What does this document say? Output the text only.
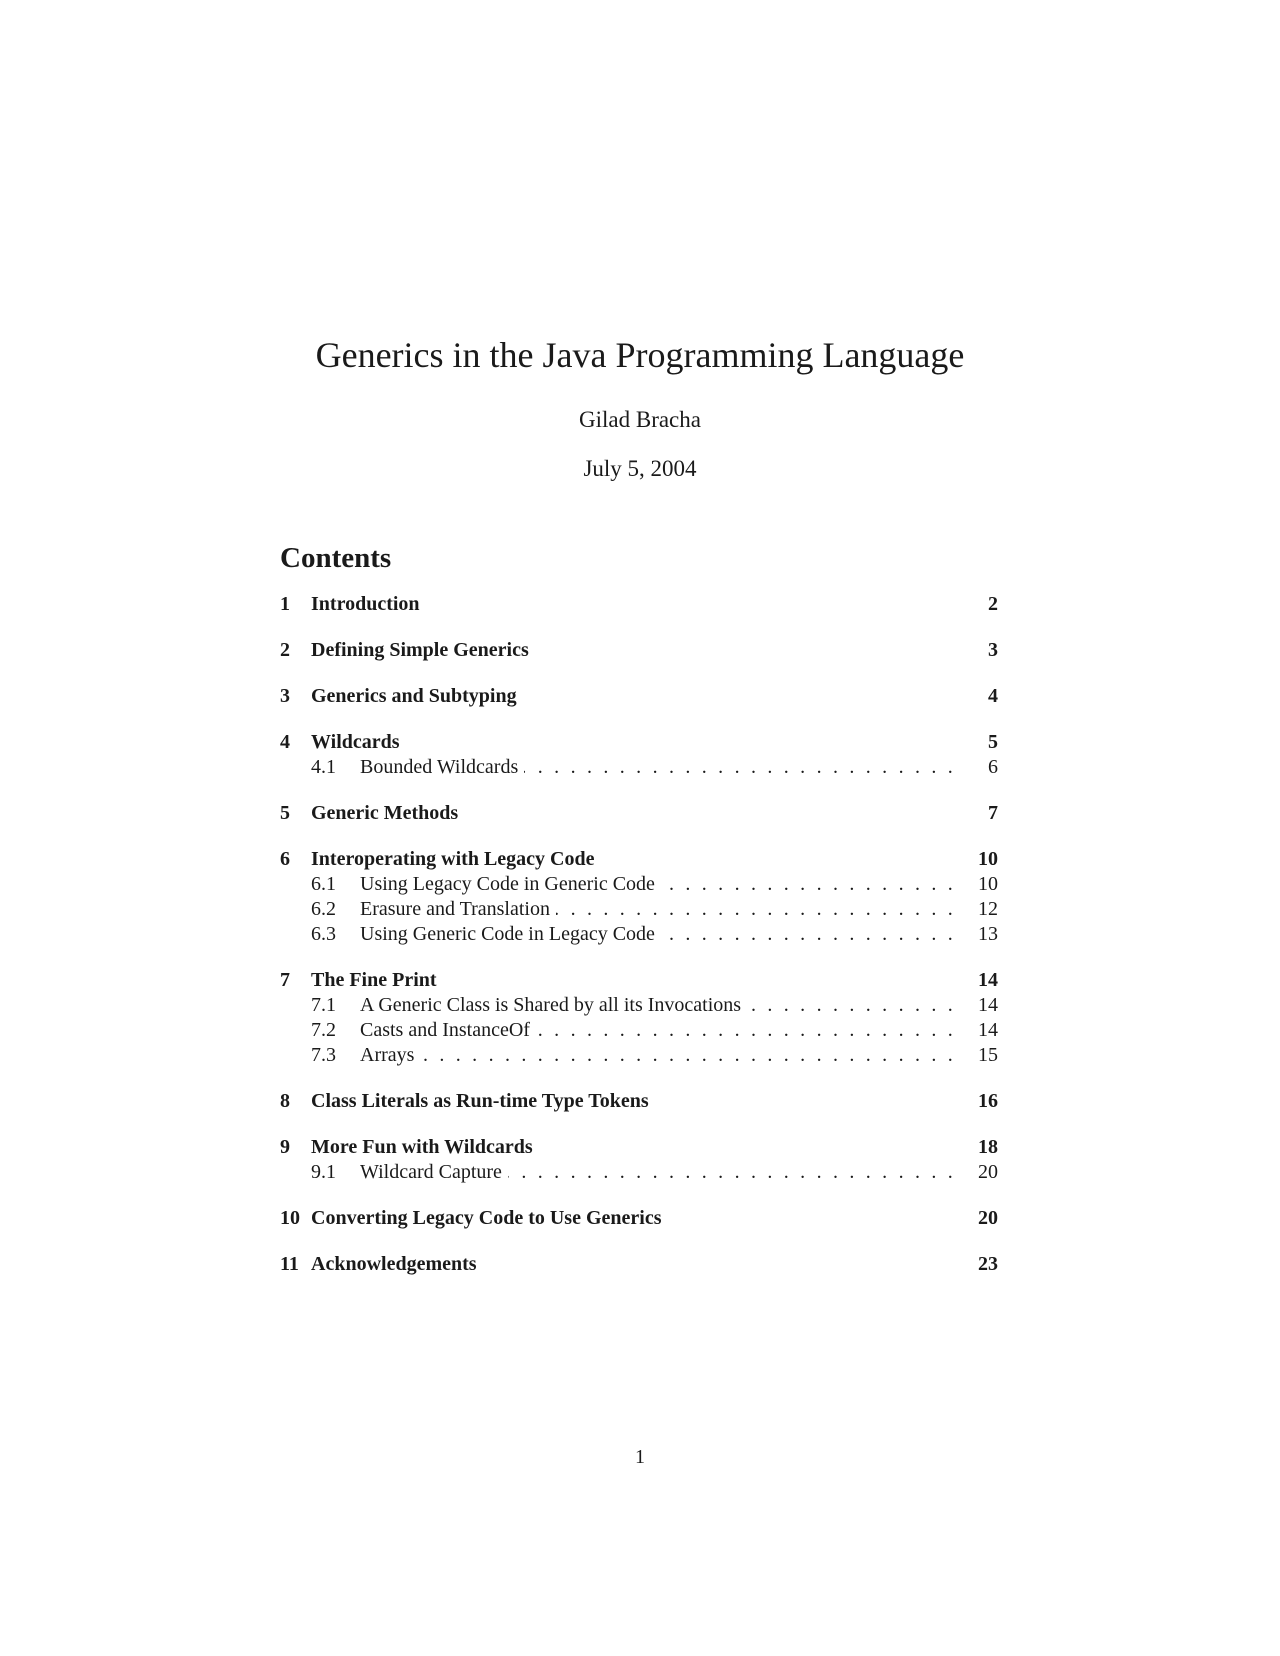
Generics in the Java Programming Language
Gilad Bracha
July 5, 2004
Contents
1 Introduction	2
2 Defining Simple Generics	3
3 Generics and Subtyping	4
4 Wildcards	5
4.1 Bounded Wildcards . . .	6
5 Generic Methods	7
6 Interoperating with Legacy Code	10
6.1 Using Legacy Code in Generic Code . . .	10
6.2 Erasure and Translation . . .	12
6.3 Using Generic Code in Legacy Code . . .	13
7 The Fine Print	14
7.1 A Generic Class is Shared by all its Invocations . . .	14
7.2 Casts and InstanceOf . . .	14
7.3 Arrays . . .	15
8 Class Literals as Run-time Type Tokens	16
9 More Fun with Wildcards	18
9.1 Wildcard Capture . . .	20
10 Converting Legacy Code to Use Generics	20
11 Acknowledgements	23
1
